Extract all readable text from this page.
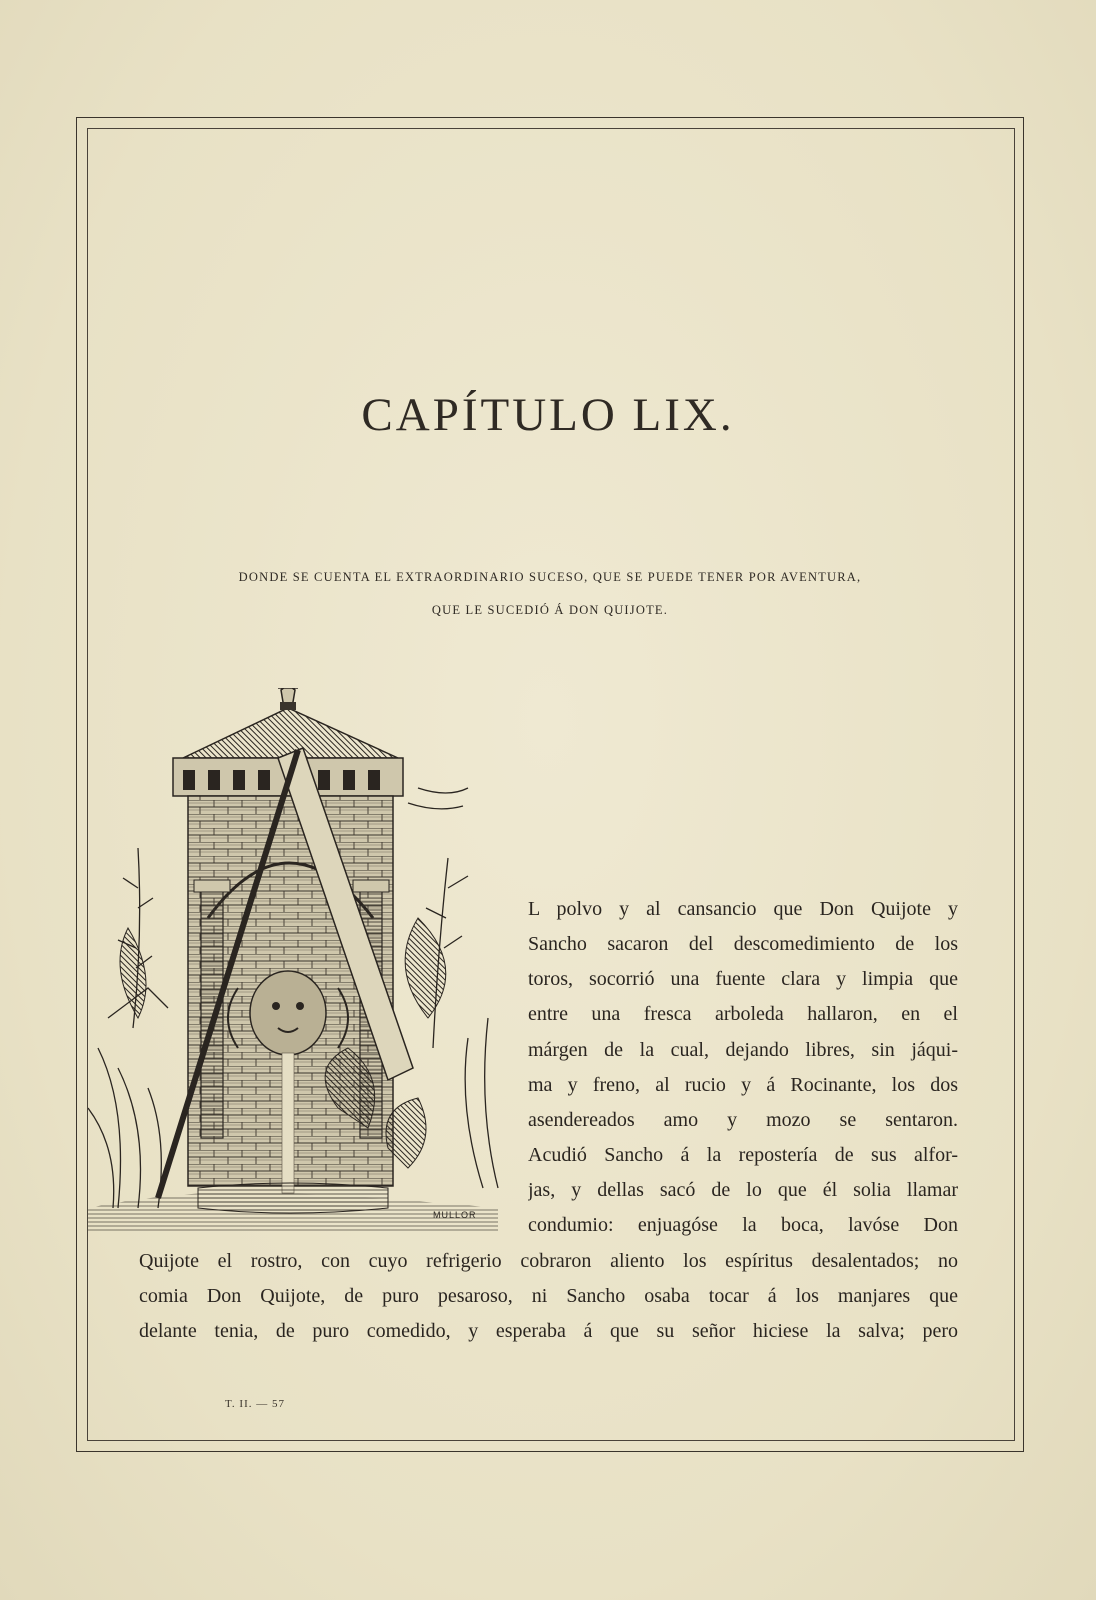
CAPÍTULO LIX.
DONDE SE CUENTA EL EXTRAORDINARIO SUCESO, QUE SE PUEDE TENER POR AVENTURA,
QUE LE SUCEDIÓ Á DON QUIJOTE.
MULLOR
L polvo y al cansancio que Don Quijote y
Sancho sacaron del descomedimiento de los
toros, socorrió una fuente clara y limpia que
entre una fresca arboleda hallaron, en el
márgen de la cual, dejando libres, sin jáqui-
ma y freno, al rucio y á Rocinante, los dos
asendereados amo y mozo se sentaron.
Acudió Sancho á la repostería de sus alfor-
jas, y dellas sacó de lo que él solia llamar
condumio: enjuagóse la boca, lavóse Don
Quijote el rostro, con cuyo refrigerio cobraron aliento los espíritus desalentados; no
comia Don Quijote, de puro pesaroso, ni Sancho osaba tocar á los manjares que
delante tenia, de puro comedido, y esperaba á que su señor hiciese la salva; pero
T. II. — 57
